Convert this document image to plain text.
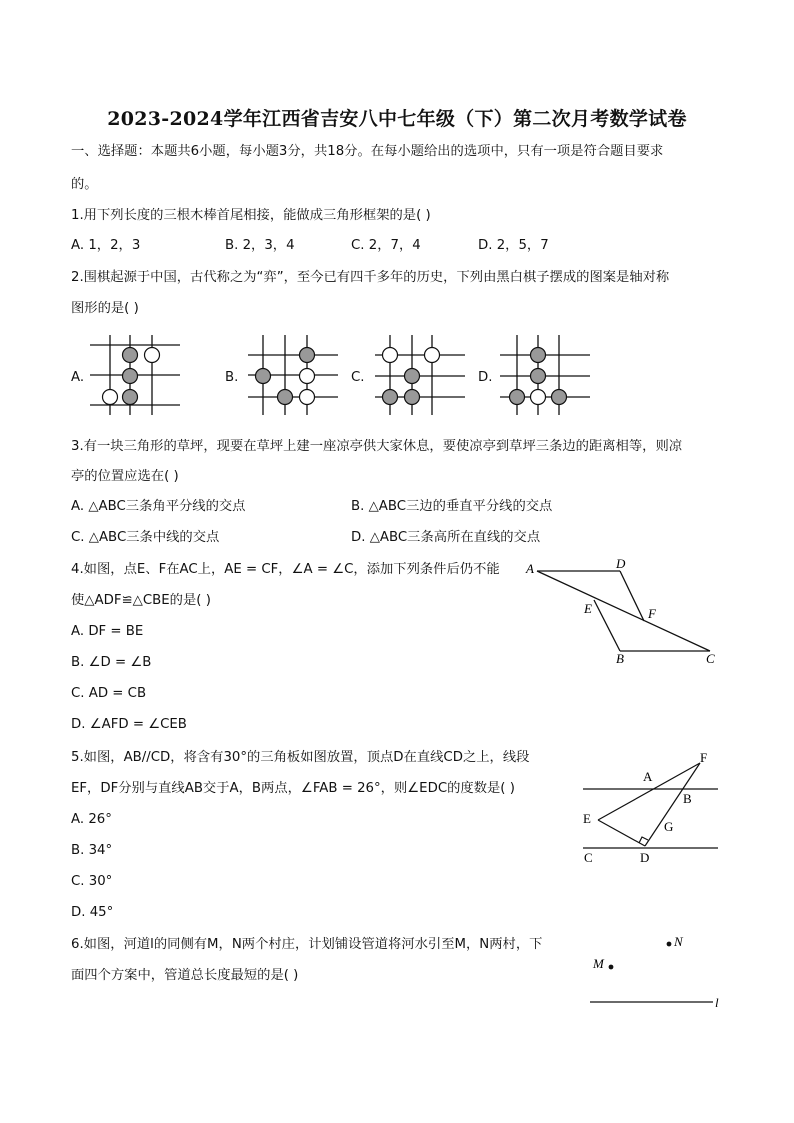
2023-2024学年江西省吉安八中七年级（下）第二次月考数学试卷
一、选择题：本题共6小题，每小题3分，共18分。在每小题给出的选项中，只有一项是符合题目要求
的。
1.用下列长度的三根木棒首尾相接，能做成三角形框架的是( )
A. 1，2，3	B. 2，3，4	C. 2，7，4	D. 2，5，7
2.围棋起源于中国，古代称之为“弈”，至今已有四千多年的历史，下列由黑白棋子摆成的图案是轴对称
图形的是( )
A.	B.	C.	D.
3.有一块三角形的草坪，现要在草坪上建一座凉亭供大家休息，要使凉亭到草坪三条边的距离相等，则凉
亭的位置应选在( )
A. △ABC三条角平分线的交点	B. △ABC三边的垂直平分线的交点
C. △ABC三条中线的交点	D. △ABC三条高所在直线的交点
4.如图，点E、F在AC上，AE = CF，∠A = ∠C，添加下列条件后仍不能
使△ADF≌△CBE的是( )
A. DF = BE
B. ∠D = ∠B
C. AD = CB
D. ∠AFD = ∠CEB
A	D
E	F
B	C
5.如图，AB//CD，将含有30°的三角板如图放置，顶点D在直线CD之上，线段
EF，DF分别与直线AB交于A，B两点，∠FAB = 26°，则∠EDC的度数是( )
A. 26°
B. 34°
C. 30°
D. 45°
F
A
B
E
G
C	D
6.如图，河道l的同侧有M，N两个村庄，计划铺设管道将河水引至M，N两村，下
面四个方案中，管道总长度最短的是( )
N
M
l
